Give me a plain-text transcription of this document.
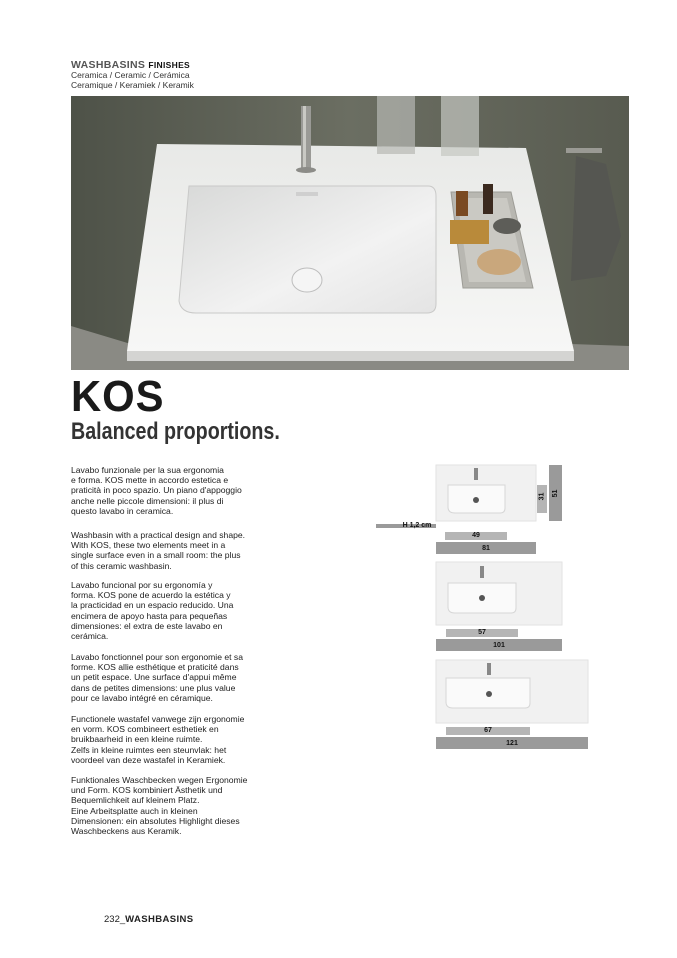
WASHBASINS FINISHES
Ceramica / Ceramic / Cerámica
Ceramique / Keramiek / Keramik
KOS
Balanced proportions.

Lavabo funzionale per la sua ergonomia
e forma. KOS mette in accordo estetica e
praticità in poco spazio. Un piano d'appoggio
anche nelle piccole dimensioni: il plus di
questo lavabo in ceramica.

Washbasin with a practical design and shape.
With KOS, these two elements meet in a
single surface even in a small room: the plus
of this ceramic washbasin.

Lavabo funcional por su ergonomía y
forma. KOS pone de acuerdo la estética y
la practicidad en un espacio reducido. Una
encimera de apoyo hasta para pequeñas
dimensiones: el extra de este lavabo en
cerámica.

Lavabo fonctionnel pour son ergonomie et sa
forme. KOS allie esthétique et praticité dans
un petit espace. Une surface d'appui même
dans de petites dimensions: une plus value
pour ce lavabo intégré en céramique.

Functionele wastafel vanwege zijn ergonomie
en vorm. KOS combineert esthetiek en
bruikbaarheid in een kleine ruimte.
Zelfs in kleine ruimtes een steunvlak: het
voordeel van deze wastafel in Keramiek.

Funktionales Waschbecken wegen Ergonomie
und Form. KOS kombiniert Ästhetik und
Bequemlichkeit auf kleinem Platz.
Eine Arbeitsplatte auch in kleinen
Dimensionen: ein absolutes Highlight dieses
Waschbeckens aus Keramik.

H 1,2 cm
31 51
49
81
57
101
67
121
232_WASHBASINS
